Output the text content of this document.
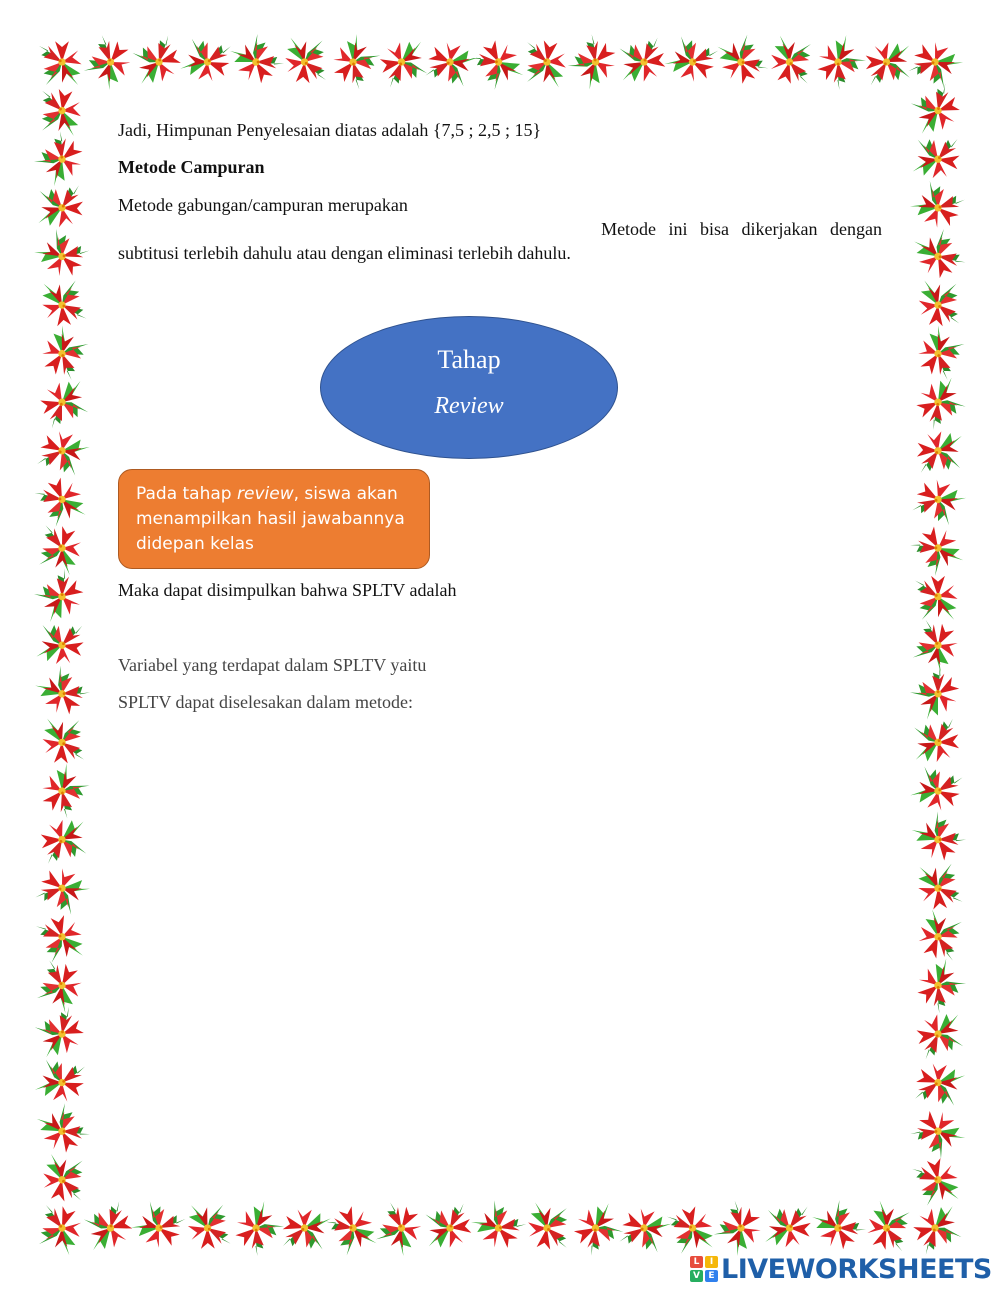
Jadi, Himpunan Penyelesaian diatas adalah {7,5 ; 2,5 ; 15}
Metode Campuran
Metode gabungan/campuran merupakan
Metode ini bisa dikerjakan dengan
subtitusi terlebih dahulu atau dengan eliminasi terlebih dahulu.
Tahap
Review
Pada tahap review, siswa akan menampilkan hasil jawabannya didepan kelas
Maka dapat disimpulkan bahwa SPLTV adalah
Variabel yang terdapat dalam SPLTV yaitu
SPLTV dapat diselesakan dalam metode:
L	I
V E LIVEWORKSHEETS
